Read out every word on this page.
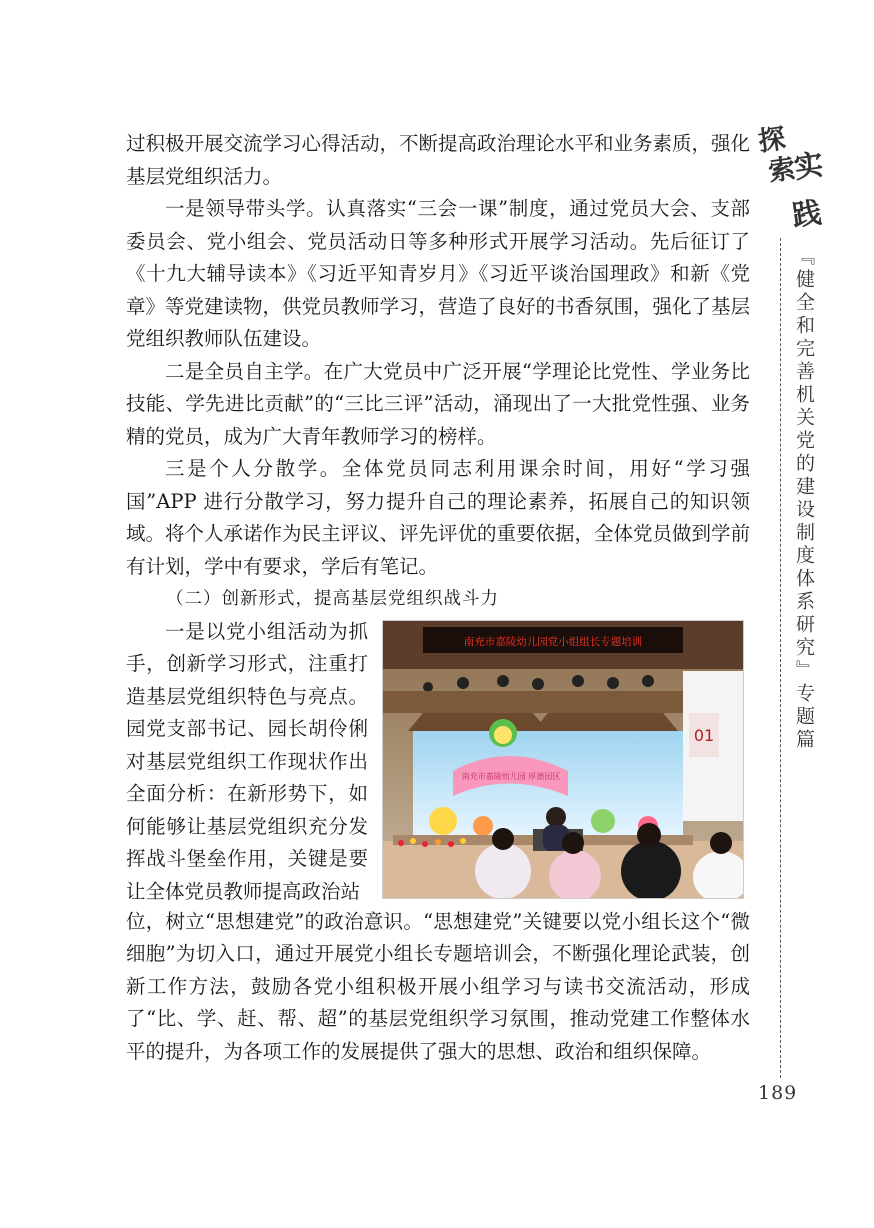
过积极开展交流学习心得活动，不断提高政治理论水平和业务素质，强化基层党组织活力。

一是领导带头学。认真落实“三会一课”制度，通过党员大会、支部委员会、党小组会、党员活动日等多种形式开展学习活动。先后征订了《十九大辅导读本》《习近平知青岁月》《习近平谈治国理政》和新《党章》等党建读物，供党员教师学习，营造了良好的书香氛围，强化了基层党组织教师队伍建设。

二是全员自主学。在广大党员中广泛开展“学理论比党性、学业务比技能、学先进比贡献”的“三比三评”活动，涌现出了一大批党性强、业务精的党员，成为广大青年教师学习的榜样。

三是个人分散学。全体党员同志利用课余时间，用好“学习强国”APP 进行分散学习，努力提升自己的理论素养，拓展自己的知识领域。将个人承诺作为民主评议、评先评优的重要依据，全体党员做到学前有计划，学中有要求，学后有笔记。

（二）创新形式，提高基层党组织战斗力

一是以党小组活动为抓手，创新学习形式，注重打造基层党组织特色与亮点。园党支部书记、园长胡伶俐对基层党组织工作现状作出全面分析：在新形势下，如何能够让基层党组织充分发挥战斗堡垒作用，关键是要让全体党员教师提高政治站

南充市嘉陵幼儿园党小组组长专题培训
南充市嘉陵幼儿园 厚德园区
01

位，树立“思想建党”的政治意识。“思想建党”关键要以党小组长这个“微细胞”为切入口，通过开展党小组长专题培训会，不断强化理论武装，创新工作方法，鼓励各党小组积极开展小组学习与读书交流活动，形成了“比、学、赶、帮、超”的基层党组织学习氛围，推动党建工作整体水平的提升，为各项工作的发展提供了强大的思想、政治和组织保障。

探
索
实
践
『健全和完善机关党的建设制度体系研究』专题篇
189
